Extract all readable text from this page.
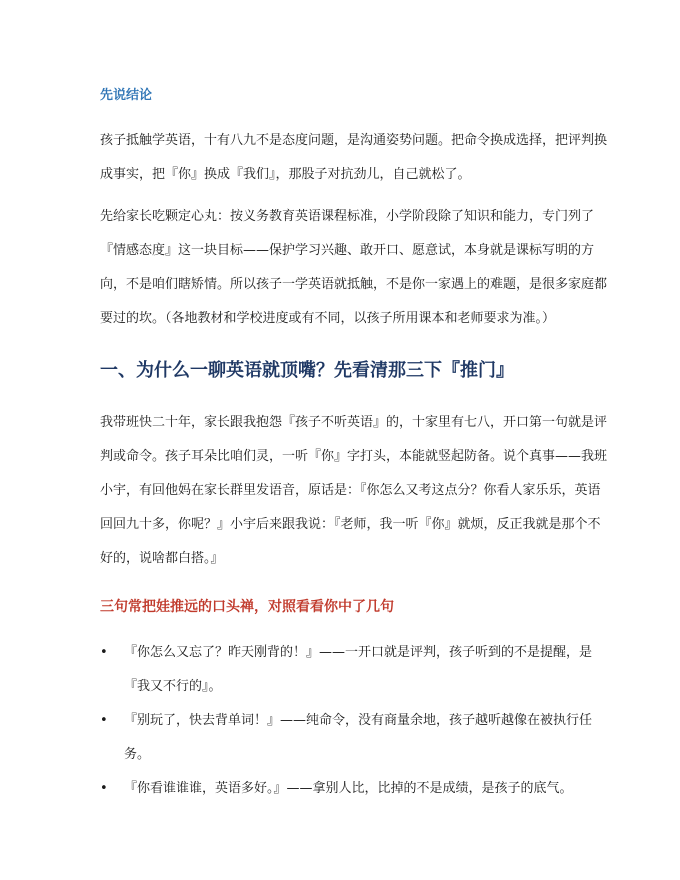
先说结论

孩子抵触学英语，十有八九不是态度问题，是沟通姿势问题。把命令换成选择，把评判换
成事实，把『你』换成『我们』，那股子对抗劲儿，自己就松了。

先给家长吃颗定心丸：按义务教育英语课程标准，小学阶段除了知识和能力，专门列了
『情感态度』这一块目标——保护学习兴趣、敢开口、愿意试，本身就是课标写明的方
向，不是咱们瞎矫情。所以孩子一学英语就抵触，不是你一家遇上的难题，是很多家庭都
要过的坎。（各地教材和学校进度或有不同，以孩子所用课本和老师要求为准。）

一、为什么一聊英语就顶嘴？先看清那三下『推门』

我带班快二十年，家长跟我抱怨『孩子不听英语』的，十家里有七八，开口第一句就是评
判或命令。孩子耳朵比咱们灵，一听『你』字打头，本能就竖起防备。说个真事——我班
小宇，有回他妈在家长群里发语音，原话是：『你怎么又考这点分？你看人家乐乐，英语
回回九十多，你呢？』小宇后来跟我说：『老师，我一听『你』就烦，反正我就是那个不
好的，说啥都白搭。』

三句常把娃推远的口头禅，对照看看你中了几句
• 『你怎么又忘了？昨天刚背的！』——一开口就是评判，孩子听到的不是提醒，是
『我又不行的』。
• 『别玩了，快去背单词！』——纯命令，没有商量余地，孩子越听越像在被执行任
务。
• 『你看谁谁谁，英语多好。』——拿别人比，比掉的不是成绩，是孩子的底气。
